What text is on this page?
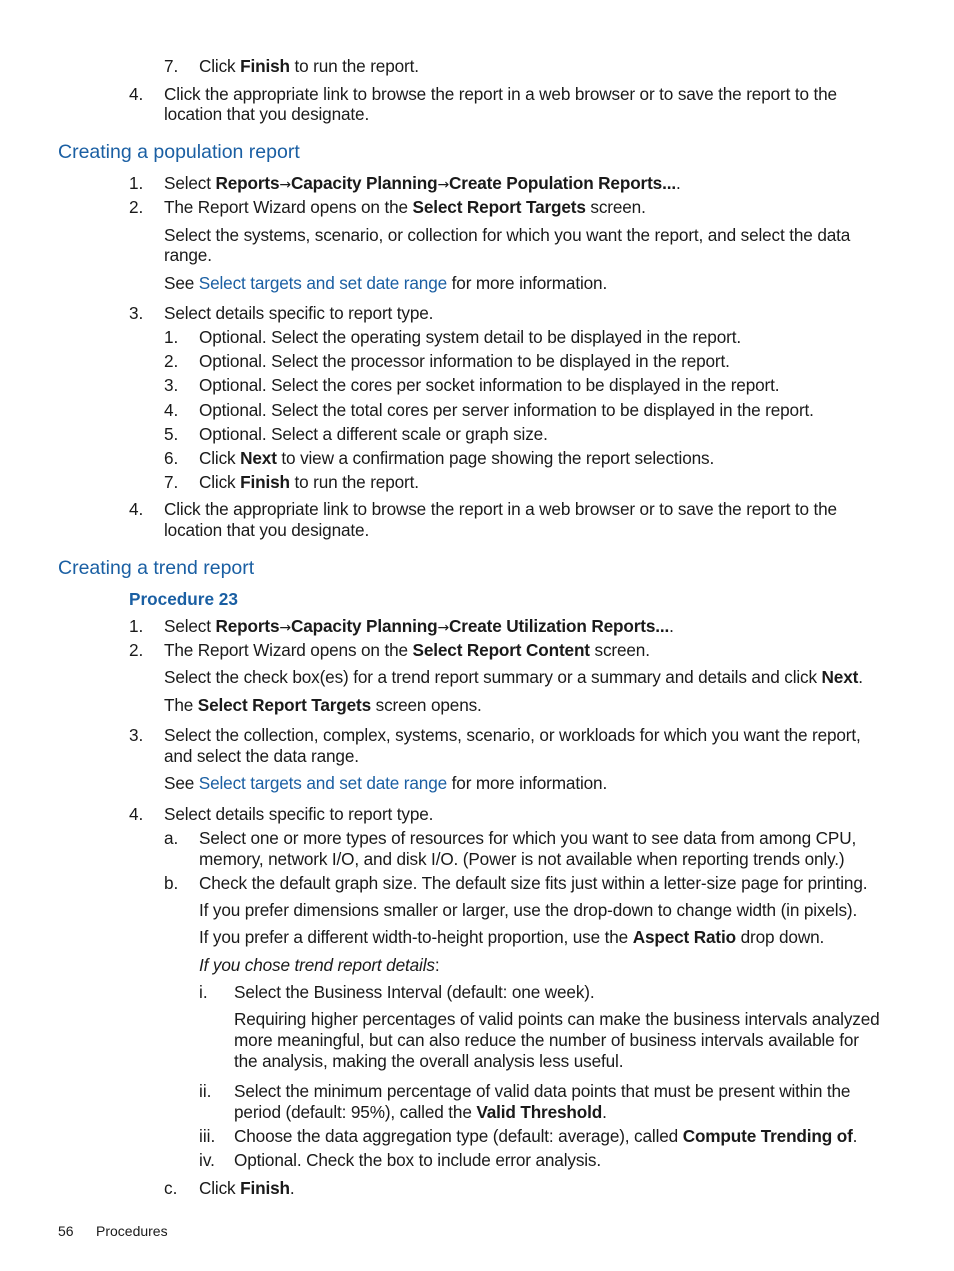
7. Click Finish to run the report.
4. Click the appropriate link to browse the report in a web browser or to save the report to the
location that you designate.
Creating a population report
1. Select Reports→Capacity Planning→Create Population Reports....
2. The Report Wizard opens on the Select Report Targets screen.
Select the systems, scenario, or collection for which you want the report, and select the data
range.
See Select targets and set date range for more information.
3. Select details specific to report type.
1. Optional. Select the operating system detail to be displayed in the report.
2. Optional. Select the processor information to be displayed in the report.
3. Optional. Select the cores per socket information to be displayed in the report.
4. Optional. Select the total cores per server information to be displayed in the report.
5. Optional. Select a different scale or graph size.
6. Click Next to view a confirmation page showing the report selections.
7. Click Finish to run the report.
4. Click the appropriate link to browse the report in a web browser or to save the report to the
location that you designate.
Creating a trend report
Procedure 23
1. Select Reports→Capacity Planning→Create Utilization Reports....
2. The Report Wizard opens on the Select Report Content screen.
Select the check box(es) for a trend report summary or a summary and details and click Next.
The Select Report Targets screen opens.
3. Select the collection, complex, systems, scenario, or workloads for which you want the report,
and select the data range.
See Select targets and set date range for more information.
4. Select details specific to report type.
a. Select one or more types of resources for which you want to see data from among CPU,
memory, network I/O, and disk I/O. (Power is not available when reporting trends only.)
b. Check the default graph size. The default size fits just within a letter-size page for printing.
If you prefer dimensions smaller or larger, use the drop-down to change width (in pixels).
If you prefer a different width-to-height proportion, use the Aspect Ratio drop down.
If you chose trend report details:
i. Select the Business Interval (default: one week).
Requiring higher percentages of valid points can make the business intervals analyzed
more meaningful, but can also reduce the number of business intervals available for
the analysis, making the overall analysis less useful.
ii. Select the minimum percentage of valid data points that must be present within the
period (default: 95%), called the Valid Threshold.
iii. Choose the data aggregation type (default: average), called Compute Trending of.
iv. Optional. Check the box to include error analysis.
c. Click Finish.
56 Procedures
